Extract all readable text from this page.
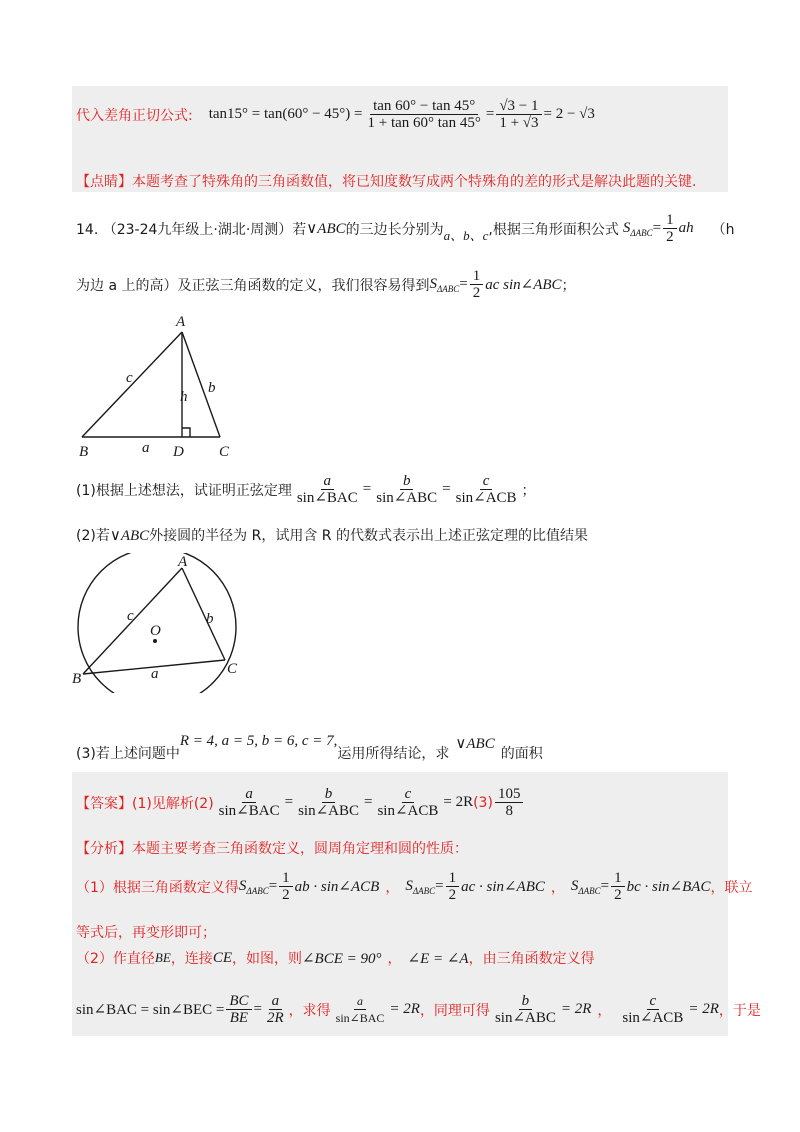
代入差角正切公式: $\tan 15^\circ = \tan(60^\circ - 45^\circ) = \frac{\tan 60^\circ - \tan 45^\circ}{1 + \tan 60^\circ \tan 45^\circ} = \frac{√3 - 1}{1 + √3} = 2 - √3$
【点睛】本题考查了特殊角的三角函数值，将已知度数写成两个特殊角的差的形式是解决此题的关键.
14. （23-24九年级上·湖北·周测）若 ∨ABC 的三边长分别为 a、b、c ,根据三角形面积公式 $S_{\Delta ABC} = \frac{1}{2}$ ah （h
为边 a 上的高）及正弦三角函数的定义，我们很容易得到 $S_{\Delta ABC} = \frac{1}{2}$ ac sin∠ABC ；
A
B	C
D
a
b
c
h
(1)根据上述想法，试证明正弦定理 $\frac{a}{\text{sin∠BAC}} = \frac{b}{\text{sin∠ABC}} = \frac{c}{\text{sin∠ACB}}$ ；
(2)若 ∨ABC 外接圆的半径为 R，试用含 R 的代数式表示出上述正弦定理的比值结果
A
B
C
O
a
b
c
(3)若上述问题中
R = 4, a = 5, b = 6, c = 7,
运用所得结论，求
∨ABC
的面积
【答案】(1)见解析$(2) \frac{a}{\text{sin∠BAC}} = \frac{b}{\text{sin∠ABC}} = \frac{c}{\text{sin∠ACB}} = 2R$ $(3) \frac{105}{8}$
【分析】本题主要考查三角函数定义，圆周角定理和圆的性质：
（1）根据三角函数定义得 $S_{\Delta ABC} = \frac{1}{2}$ ab · sin∠ACB ， $S_{\Delta ABC} = \frac{1}{2}$ ac · sin∠ABC ， $S_{\Delta ABC} = \frac{1}{2}$ bc · sin∠BAC ，联立
等式后，再变形即可；
（2）作直径 BE ，连接 CE ，如图，则 ∠BCE = 90° ， ∠E = ∠A ，由三角函数定义得
sin∠BAC = sin∠BEC = $\frac{BC}{BE} = \frac{a}{2R}$ ，求得 $\frac{a}{\text{sin∠BAC}} = 2R$ ，同理可得 $\frac{b}{\text{sin∠ABC}} = 2R$ ， $\frac{c}{\text{sin∠ACB}} = 2R$ ，于是
